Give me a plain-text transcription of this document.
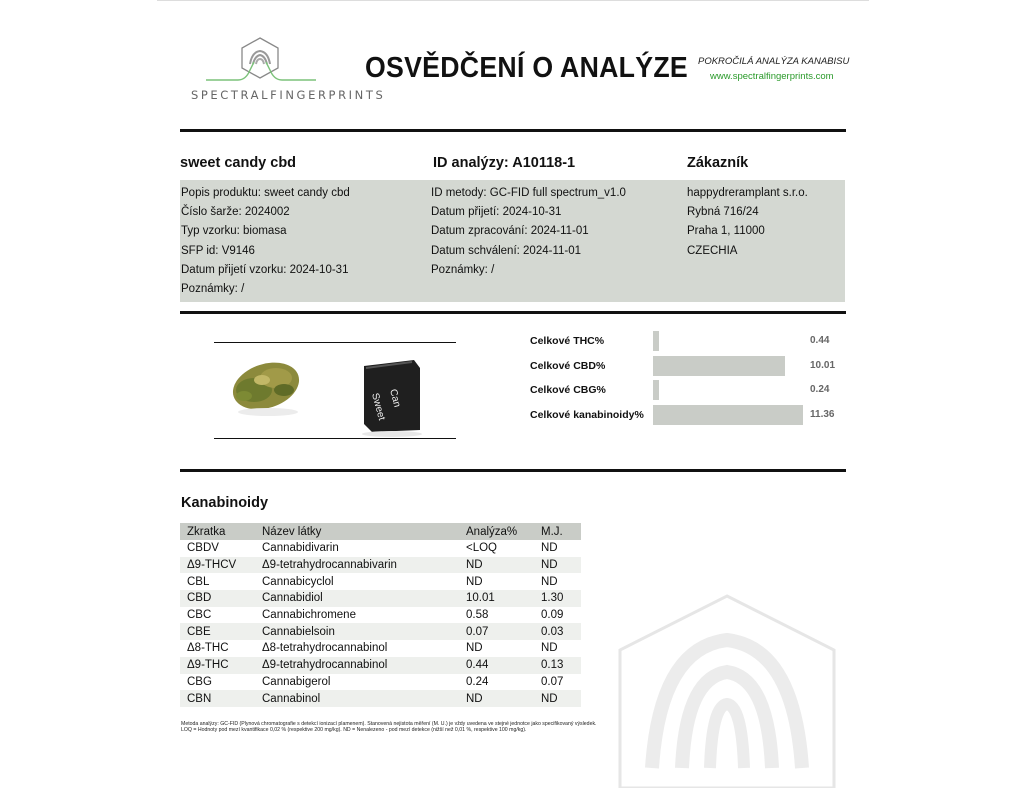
SPECTRALFINGERPRINTS
OSVĚDČENÍ O ANALÝZE POKROČILÁ ANALÝZA KANABISU
www.spectralfingerprints.com
sweet candy cbd	ID analýzy: A10118-1	Zákazník
Popis produktu: sweet candy cbd
Číslo šarže: 2024002
Typ vzorku: biomasa
SFP id: V9146
Datum přijetí vzorku: 2024-10-31
Poznámky: /
ID metody: GC-FID full spectrum_v1.0
Datum přijetí: 2024-10-31
Datum zpracování: 2024-11-01
Datum schválení: 2024-11-01
Poznámky: /
happydreramplant s.r.o.
Rybná 716/24
Praha 1, 11000
CZECHIA
Sweet Can
Celkové THC%	0.44
Celkové CBD%	10.01
Celkové CBG%	0.24
Celkové kanabinoidy%	11.36
Kanabinoidy
Zkratka	Název látky	Analýza%	M.J.
CBDV	Cannabidivarin	<LOQ	ND
Δ9-THCV	Δ9-tetrahydrocannabivarin	ND	ND
CBL	Cannabicyclol	ND	ND
CBD	Cannabidiol	10.01	1.30
CBC	Cannabichromene	0.58	0.09
CBE	Cannabielsoin	0.07	0.03
Δ8-THC	Δ8-tetrahydrocannabinol	ND	ND
Δ9-THC	Δ9-tetrahydrocannabinol	0.44	0.13
CBG	Cannabigerol	0.24	0.07
CBN	Cannabinol	ND	ND
Metoda analýzy: GC-FID (Plynová chromatografie s detekcí ionizací plamenem). Stanovená nejistota měření (M. U.) je vždy uvedena ve stejné jednotce jako specifikovaný výsledek.
LOQ = Hodnoty pod mezí kvantifikace 0,02 % (respektive 200 mg/kg). ND = Nenalezeno - pod mezí detekce (nižší než 0,01 %, respektive 100 mg/kg).
